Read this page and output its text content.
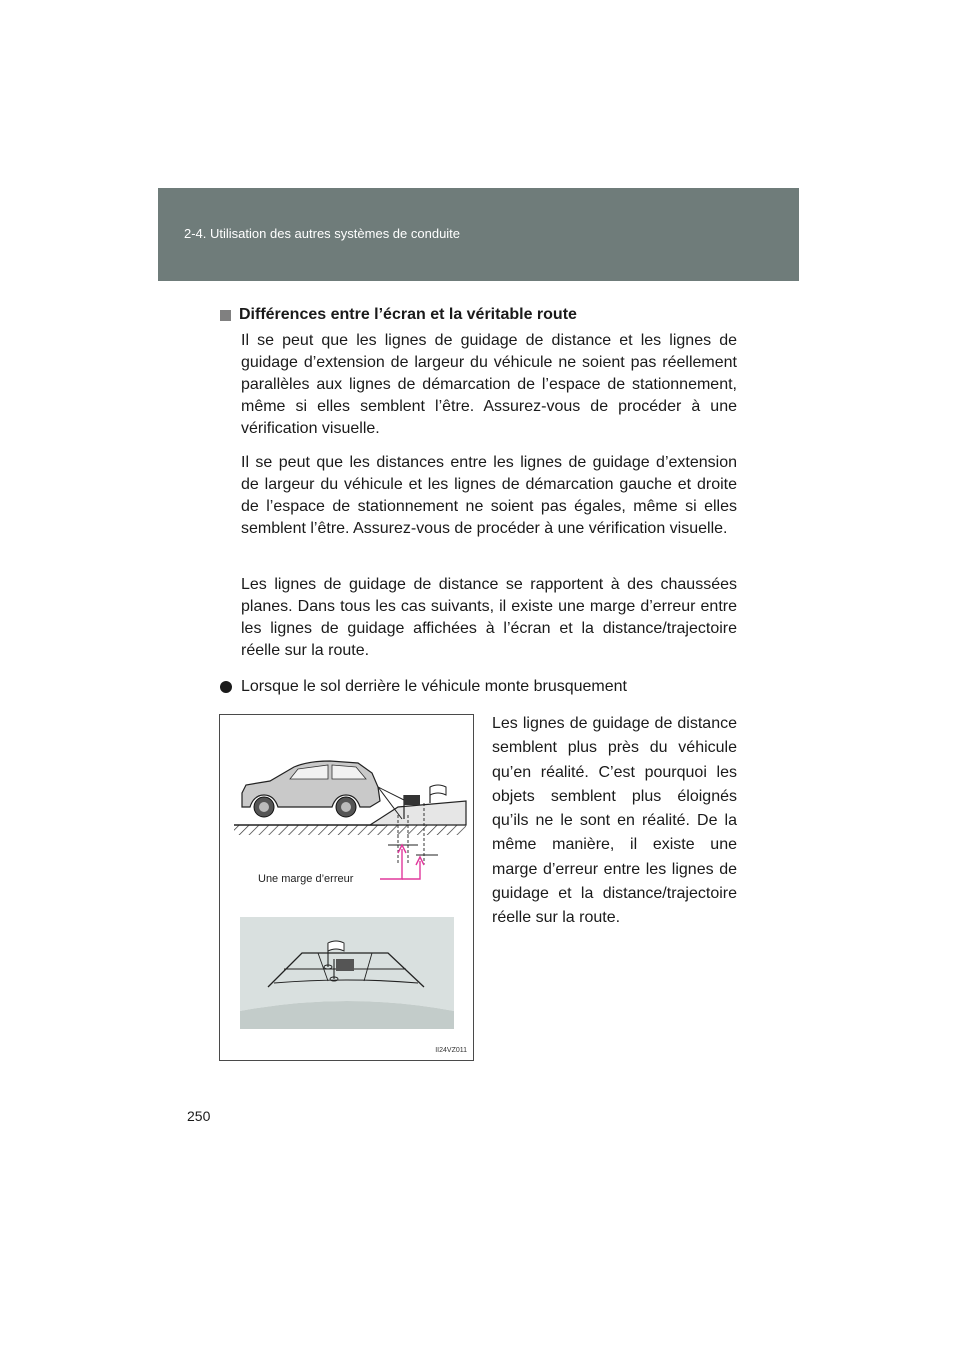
2-4. Utilisation des autres systèmes de conduite
Différences entre l’écran et la véritable route

Il se peut que les lignes de guidage de distance et les lignes de guidage d’extension de largeur du véhicule ne soient pas réellement parallèles aux lignes de démarcation de l’espace de stationnement, même si elles semblent l’être. Assurez-vous de procéder à une vérification visuelle.

Il se peut que les distances entre les lignes de guidage d’extension de largeur du véhicule et les lignes de démarcation gauche et droite de l’espace de stationnement ne soient pas égales, même si elles semblent l’être. Assurez-vous de procéder à une vérification visuelle.

Les lignes de guidage de distance se rapportent à des chaussées planes. Dans tous les cas suivants, il existe une marge d’erreur entre les lignes de guidage affichées à l’écran et la distance/trajectoire réelle sur la route.

Lorsque le sol derrière le véhicule monte brusquement

Les lignes de guidage de distance semblent plus près du véhicule qu’en réalité. C’est pourquoi les objets semblent plus éloignés qu’ils ne le sont en réalité. De la même manière, il existe une marge d’erreur entre les lignes de guidage et la distance/trajectoire réelle sur la route.

Une marge d’erreur
II24VZ011
250
